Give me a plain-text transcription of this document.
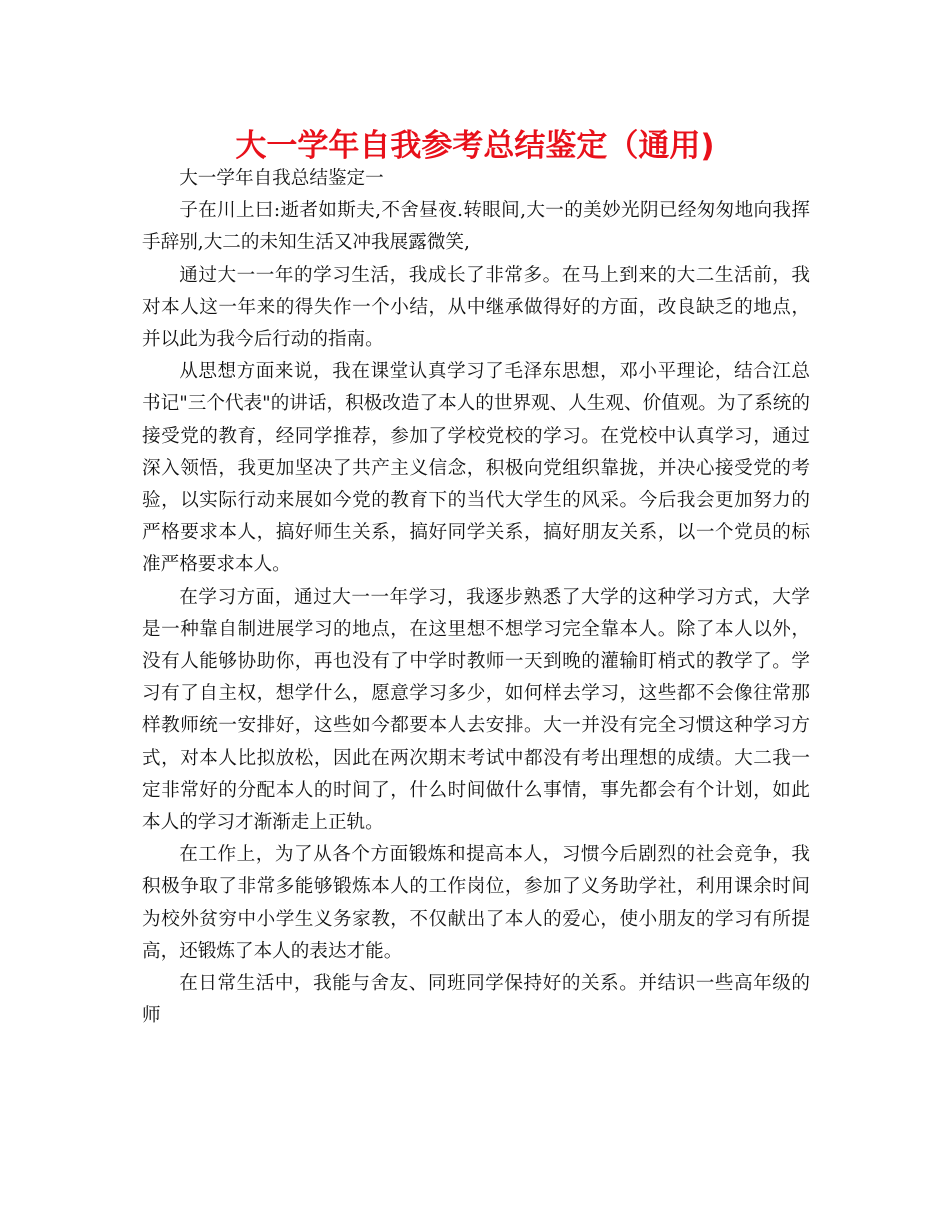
大一学年自我参考总结鉴定（通用)

大一学年自我总结鉴定一

子在川上曰:逝者如斯夫,不舍昼夜.转眼间,大一的美妙光阴已经匆匆地向我挥手辞别,大二的未知生活又冲我展露微笑,

通过大一一年的学习生活，我成长了非常多。在马上到来的大二生活前，我对本人这一年来的得失作一个小结，从中继承做得好的方面，改良缺乏的地点，并以此为我今后行动的指南。

从思想方面来说，我在课堂认真学习了毛泽东思想，邓小平理论，结合江总书记"三个代表"的讲话，积极改造了本人的世界观、人生观、价值观。为了系统的接受党的教育，经同学推荐，参加了学校党校的学习。在党校中认真学习，通过深入领悟，我更加坚决了共产主义信念，积极向党组织靠拢，并决心接受党的考验，以实际行动来展如今党的教育下的当代大学生的风采。今后我会更加努力的严格要求本人，搞好师生关系，搞好同学关系，搞好朋友关系，以一个党员的标准严格要求本人。

在学习方面，通过大一一年学习，我逐步熟悉了大学的这种学习方式，大学是一种靠自制进展学习的地点，在这里想不想学习完全靠本人。除了本人以外，没有人能够协助你，再也没有了中学时教师一天到晚的灌输盯梢式的教学了。学习有了自主权，想学什么，愿意学习多少，如何样去学习，这些都不会像往常那样教师统一安排好，这些如今都要本人去安排。大一并没有完全习惯这种学习方式，对本人比拟放松，因此在两次期末考试中都没有考出理想的成绩。大二我一定非常好的分配本人的时间了，什么时间做什么事情，事先都会有个计划，如此本人的学习才渐渐走上正轨。

在工作上，为了从各个方面锻炼和提高本人，习惯今后剧烈的社会竞争，我积极争取了非常多能够锻炼本人的工作岗位，参加了义务助学社，利用课余时间为校外贫穷中小学生义务家教，不仅献出了本人的爱心，使小朋友的学习有所提高，还锻炼了本人的表达才能。

在日常生活中，我能与舍友、同班同学保持好的关系。并结识一些高年级的师
